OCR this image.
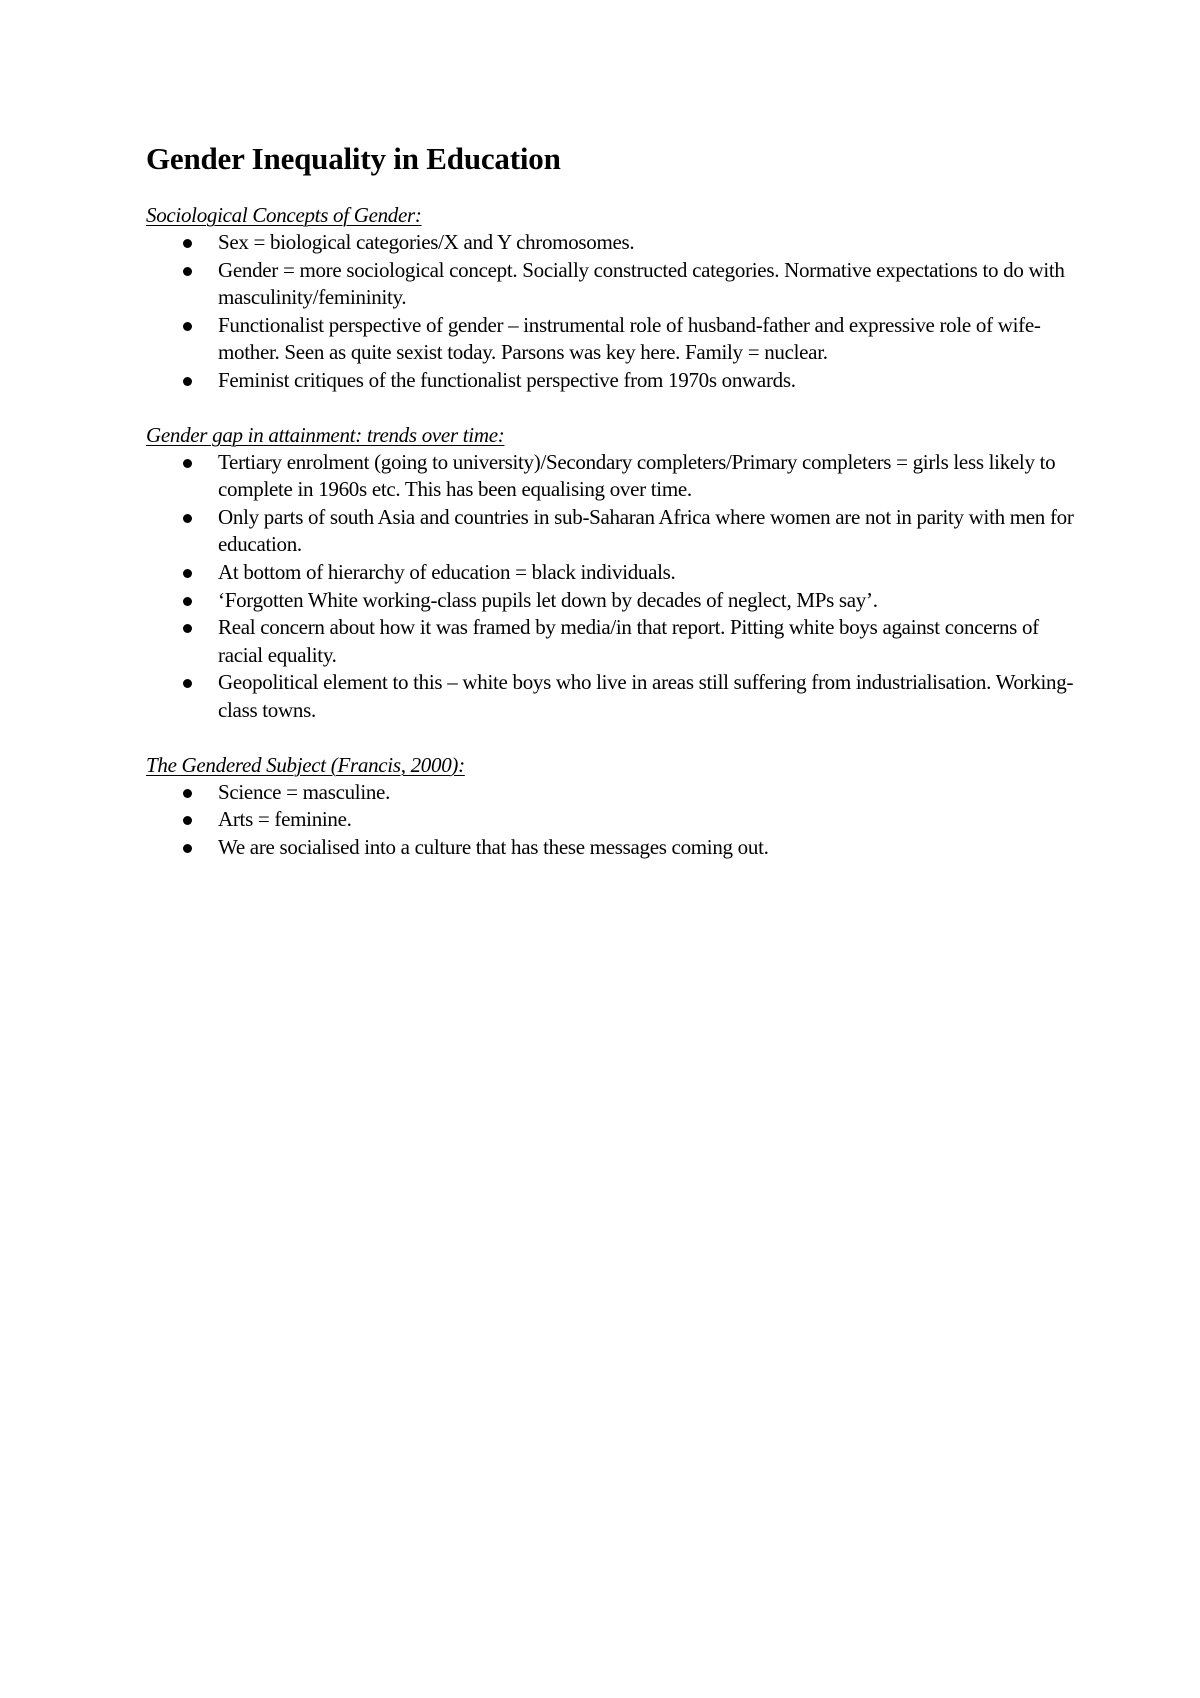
Gender Inequality in Education

Sociological Concepts of Gender:

Sex = biological categories/X and Y chromosomes.
Gender = more sociological concept. Socially constructed categories. Normative expectations to do with masculinity/femininity.
Functionalist perspective of gender – instrumental role of husband-father and expressive role of wife-mother. Seen as quite sexist today. Parsons was key here. Family = nuclear.
Feminist critiques of the functionalist perspective from 1970s onwards.

Gender gap in attainment: trends over time:

Tertiary enrolment (going to university)/Secondary completers/Primary completers = girls less likely to complete in 1960s etc. This has been equalising over time.
Only parts of south Asia and countries in sub-Saharan Africa where women are not in parity with men for education.
At bottom of hierarchy of education = black individuals.
‘Forgotten White working-class pupils let down by decades of neglect, MPs say’.
Real concern about how it was framed by media/in that report. Pitting white boys against concerns of racial equality.
Geopolitical element to this – white boys who live in areas still suffering from industrialisation. Working-class towns.

The Gendered Subject (Francis, 2000):

Science = masculine.
Arts = feminine.
We are socialised into a culture that has these messages coming out.
